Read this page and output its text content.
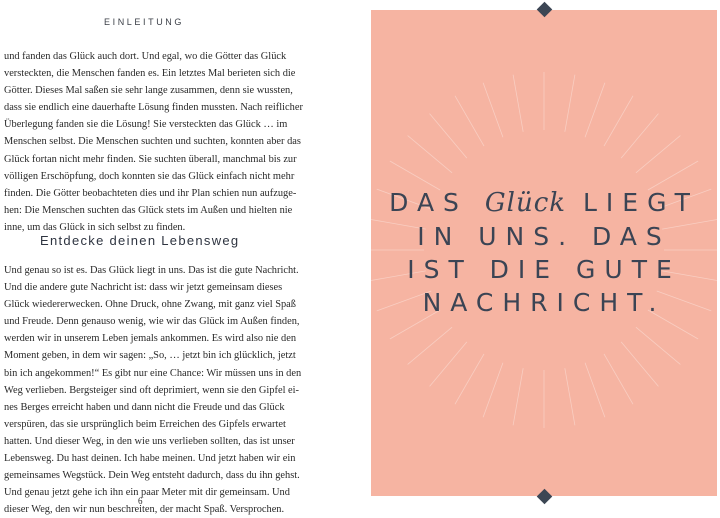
EINLEITUNG

und fanden das Glück auch dort. Und egal, wo die Götter das Glück
versteckten, die Menschen fanden es. Ein letztes Mal berieten sich die
Götter. Dieses Mal saßen sie sehr lange zusammen, denn sie wussten,
dass sie endlich eine dauerhafte Lösung finden mussten. Nach reiflicher
Überlegung fanden sie die Lösung! Sie versteckten das Glück … im
Menschen selbst. Die Menschen suchten und suchten, konnten aber das
Glück fortan nicht mehr finden. Sie suchten überall, manchmal bis zur
völligen Erschöpfung, doch konnten sie das Glück einfach nicht mehr
finden. Die Götter beobachteten dies und ihr Plan schien nun aufzuge-
hen: Die Menschen suchten das Glück stets im Außen und hielten nie
inne, um das Glück in sich selbst zu finden.

Entdecke deinen Lebensweg

Und genau so ist es. Das Glück liegt in uns. Das ist die gute Nachricht.
Und die andere gute Nachricht ist: dass wir jetzt gemeinsam dieses
Glück wiedererwecken. Ohne Druck, ohne Zwang, mit ganz viel Spaß
und Freude. Denn genauso wenig, wie wir das Glück im Außen finden,
werden wir in unserem Leben jemals ankommen. Es wird also nie den
Moment geben, in dem wir sagen: „So, … jetzt bin ich glücklich, jetzt
bin ich angekommen!“ Es gibt nur eine Chance: Wir müssen uns in den
Weg verlieben. Bergsteiger sind oft deprimiert, wenn sie den Gipfel ei-
nes Berges erreicht haben und dann nicht die Freude und das Glück
verspüren, das sie ursprünglich beim Erreichen des Gipfels erwartet
hatten. Und dieser Weg, in den wie uns verlieben sollten, das ist unser
Lebensweg. Du hast deinen. Ich habe meinen. Und jetzt haben wir ein
gemeinsames Wegstück. Dein Weg entsteht dadurch, dass du ihn gehst.
Und genau jetzt gehe ich ihn ein paar Meter mit dir gemeinsam. Und
dieser Weg, den wir nun beschreiten, der macht Spaß. Versprochen.

6
DAS Glück LIEGT
IN UNS. DAS
IST DIE GUTE
NACHRICHT.
